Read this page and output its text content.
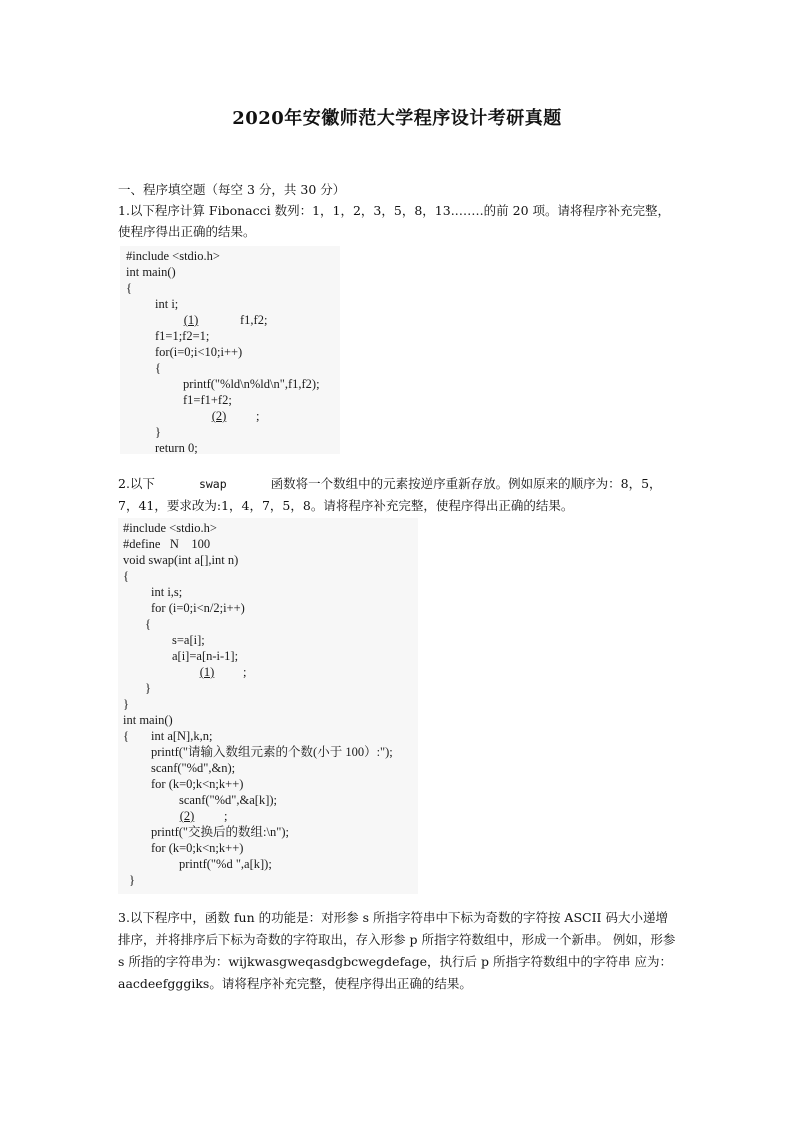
2020年安徽师范大学程序设计考研真题
一、程序填空题（每空 3 分，共 30 分）
1.以下程序计算 Fibonacci 数列：1，1，2，3，5，8，13.…….的前 20 项。请将程序补充完整，使程序得出正确的结果。
#include <stdio.h>
int main()
{
int i;
(1)	f1,f2;
f1=1;f2=1;
for(i=0;i<10;i++)
{
printf("%ld\n%ld\n",f1,f2);
f1=f1+f2;
(2)	;
}
return 0;
2.以下	swap	函数将一个数组中的元素按逆序重新存放。例如原来的顺序为：8，5，7，41，要求改为:1，4，7，5，8。请将程序补充完整，使程序得出正确的结果。
#include <stdio.h>
#define   N    100
void swap(int a[],int n)
{
int i,s;
for (i=0;i<n/2;i++)
{
s=a[i];
a[i]=a[n-i-1];
(1)	;
}
}
int main()
{ int a[N],k,n;
printf("请输入数组元素的个数(小于 100）:");
scanf("%d",&n);
for (k=0;k<n;k++)
scanf("%d",&a[k]);
(2)	;
printf("交换后的数组:\n");
for (k=0;k<n;k++)
printf("%d ",a[k]);
}
3.以下程序中，函数 fun 的功能是：对形参 s 所指字符串中下标为奇数的字符按 ASCII 码大小递增 排序，并将排序后下标为奇数的字符取出，存入形参 p 所指字符数组中，形成一个新串。 例如，形参 s 所指的字符串为：wijkwasgweqasdgbcwegdefage，执行后 p 所指字符数组中的字符串 应为：aacdeefgggiks。请将程序补充完整，使程序得出正确的结果。
